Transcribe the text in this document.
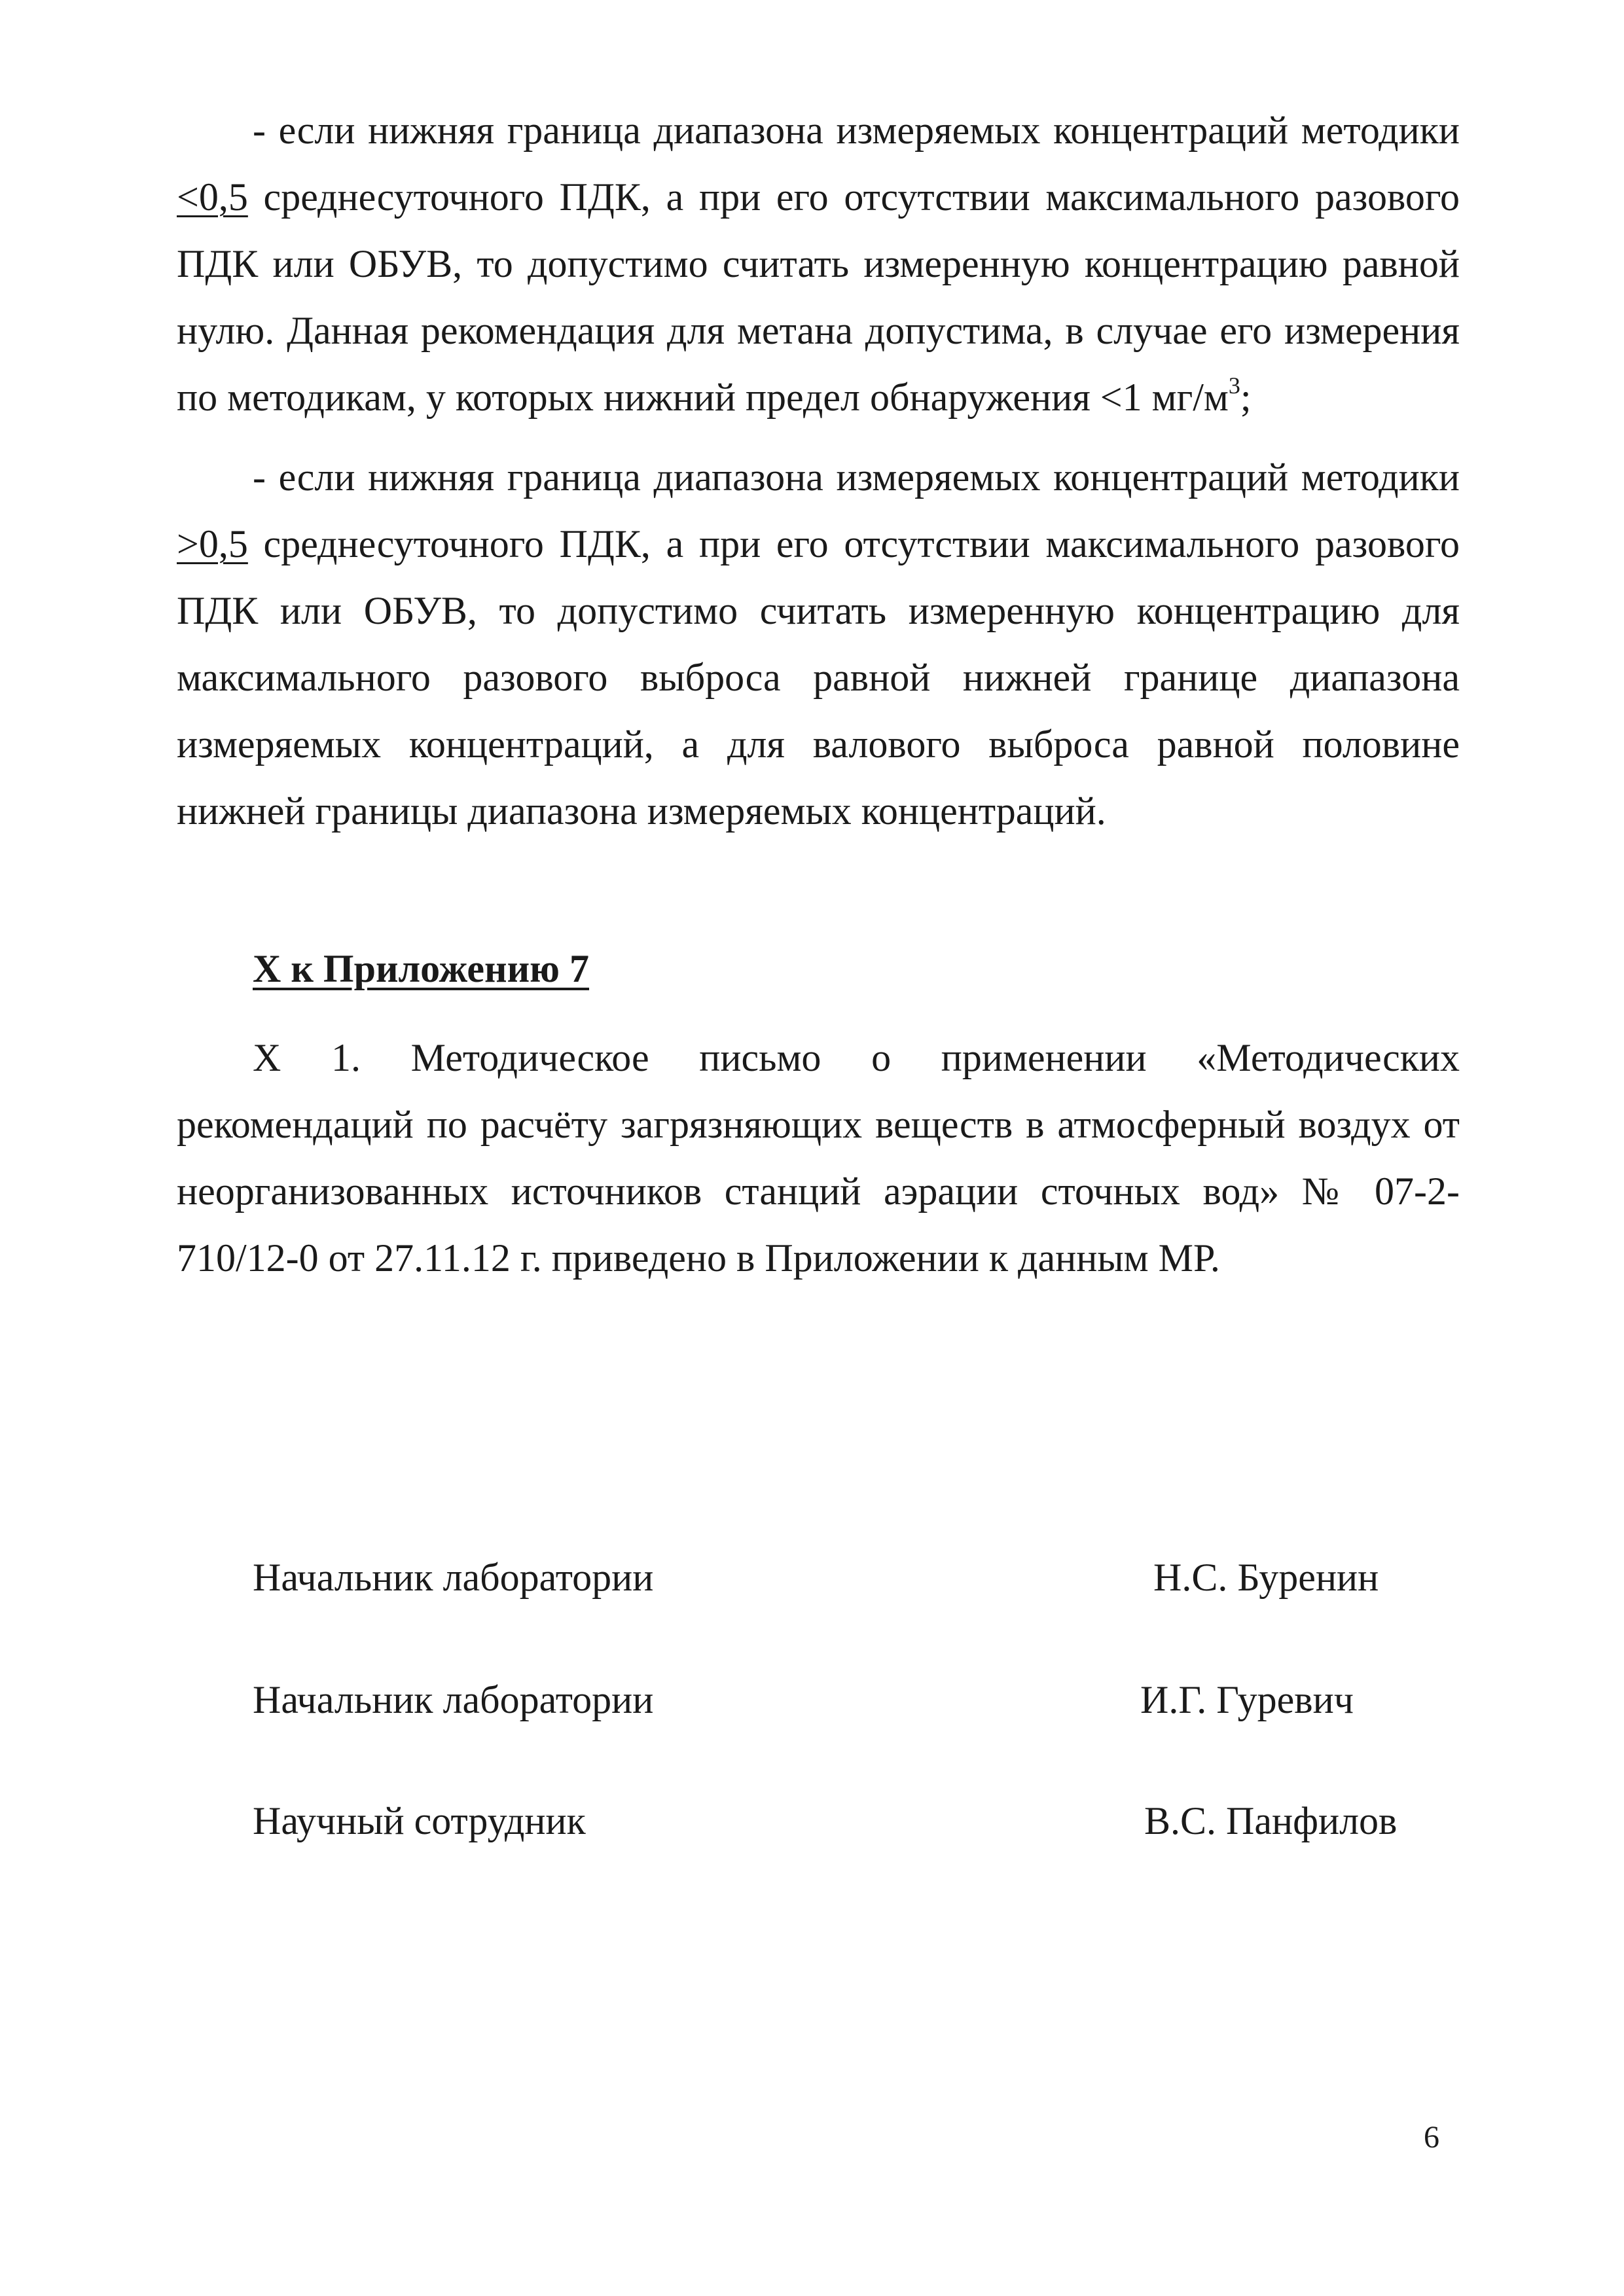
- если нижняя граница диапазона измеряемых концентраций методики <0,5 среднесуточного ПДК, а при его отсутствии максимального разового ПДК или ОБУВ, то допустимо считать измеренную концентрацию равной нулю. Данная рекомендация для метана допустима, в случае его измерения по методикам, у которых нижний предел обнаружения <1 $мг/м^3$;

- если нижняя граница диапазона измеряемых концентраций методики >0,5 среднесуточного ПДК, а при его отсутствии максимального разового ПДК или ОБУВ, то допустимо считать измеренную концентрацию для максимального разового выброса равной нижней границе диапазона измеряемых концентраций, а для валового выброса равной половине нижней границы диапазона измеряемых концентраций.

X к Приложению 7

X 1. Методическое письмо о применении «Методических рекомендаций по расчёту загрязняющих веществ в атмосферный воздух от неорганизованных источников станций аэрации сточных вод» № 07-2-710/12-0 от 27.11.12 г. приведено в Приложении к данным МР.

Начальник лаборатории	Н.С. Буренин
Начальник лаборатории	И.Г. Гуревич
Научный сотрудник	В.С. Панфилов
6
